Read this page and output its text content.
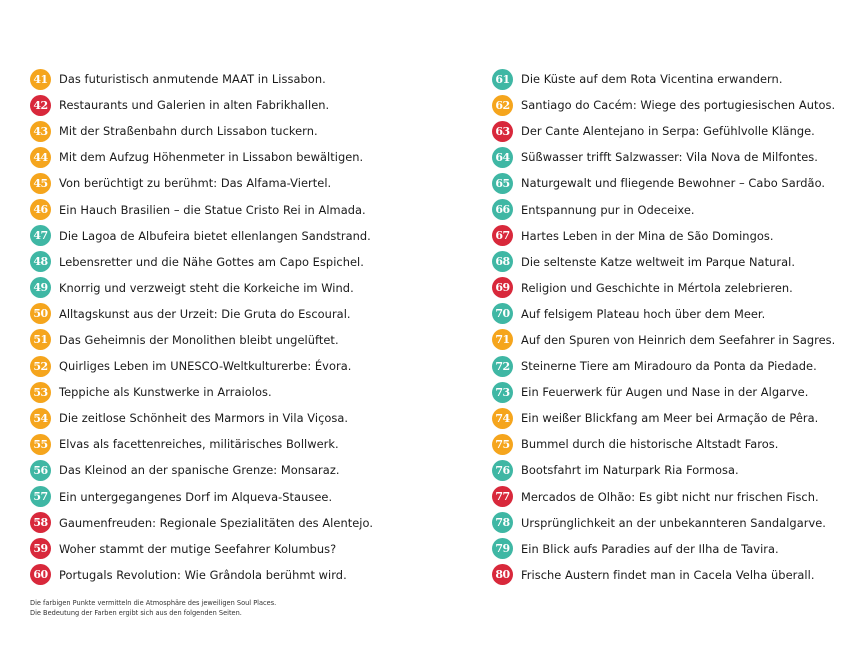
41 Das futuristisch anmutende MAAT in Lissabon.
42 Restaurants und Galerien in alten Fabrikhallen.
43 Mit der Straßenbahn durch Lissabon tuckern.
44 Mit dem Aufzug Höhenmeter in Lissabon bewältigen.
45 Von berüchtigt zu berühmt: Das Alfama-Viertel.
46 Ein Hauch Brasilien – die Statue Cristo Rei in Almada.
47 Die Lagoa de Albufeira bietet ellenlangen Sandstrand.
48 Lebensretter und die Nähe Gottes am Capo Espichel.
49 Knorrig und verzweigt steht die Korkeiche im Wind.
50 Alltagskunst aus der Urzeit: Die Gruta do Escoural.
51 Das Geheimnis der Monolithen bleibt ungelüftet.
52 Quirliges Leben im UNESCO-Weltkulturerbe: Évora.
53 Teppiche als Kunstwerke in Arraiolos.
54 Die zeitlose Schönheit des Marmors in Vila Viçosa.
55 Elvas als facettenreiches, militärisches Bollwerk.
56 Das Kleinod an der spanische Grenze: Monsaraz.
57 Ein untergegangenes Dorf im Alqueva-Stausee.
58 Gaumenfreuden: Regionale Spezialitäten des Alentejo.
59 Woher stammt der mutige Seefahrer Kolumbus?
60 Portugals Revolution: Wie Grândola berühmt wird.
61 Die Küste auf dem Rota Vicentina erwandern.
62 Santiago do Cacém: Wiege des portugiesischen Autos.
63 Der Cante Alentejano in Serpa: Gefühlvolle Klänge.
64 Süßwasser trifft Salzwasser: Vila Nova de Milfontes.
65 Naturgewalt und fliegende Bewohner – Cabo Sardão.
66 Entspannung pur in Odeceixe.
67 Hartes Leben in der Mina de São Domingos.
68 Die seltenste Katze weltweit im Parque Natural.
69 Religion und Geschichte in Mértola zelebrieren.
70 Auf felsigem Plateau hoch über dem Meer.
71 Auf den Spuren von Heinrich dem Seefahrer in Sagres.
72 Steinerne Tiere am Miradouro da Ponta da Piedade.
73 Ein Feuerwerk für Augen und Nase in der Algarve.
74 Ein weißer Blickfang am Meer bei Armação de Pêra.
75 Bummel durch die historische Altstadt Faros.
76 Bootsfahrt im Naturpark Ria Formosa.
77 Mercados de Olhão: Es gibt nicht nur frischen Fisch.
78 Ursprünglichkeit an der unbekannteren Sandalgarve.
79 Ein Blick aufs Paradies auf der Ilha de Tavira.
80 Frische Austern findet man in Cacela Velha überall.
Die farbigen Punkte vermitteln die Atmosphäre des jeweiligen Soul Places.
Die Bedeutung der Farben ergibt sich aus den folgenden Seiten.
